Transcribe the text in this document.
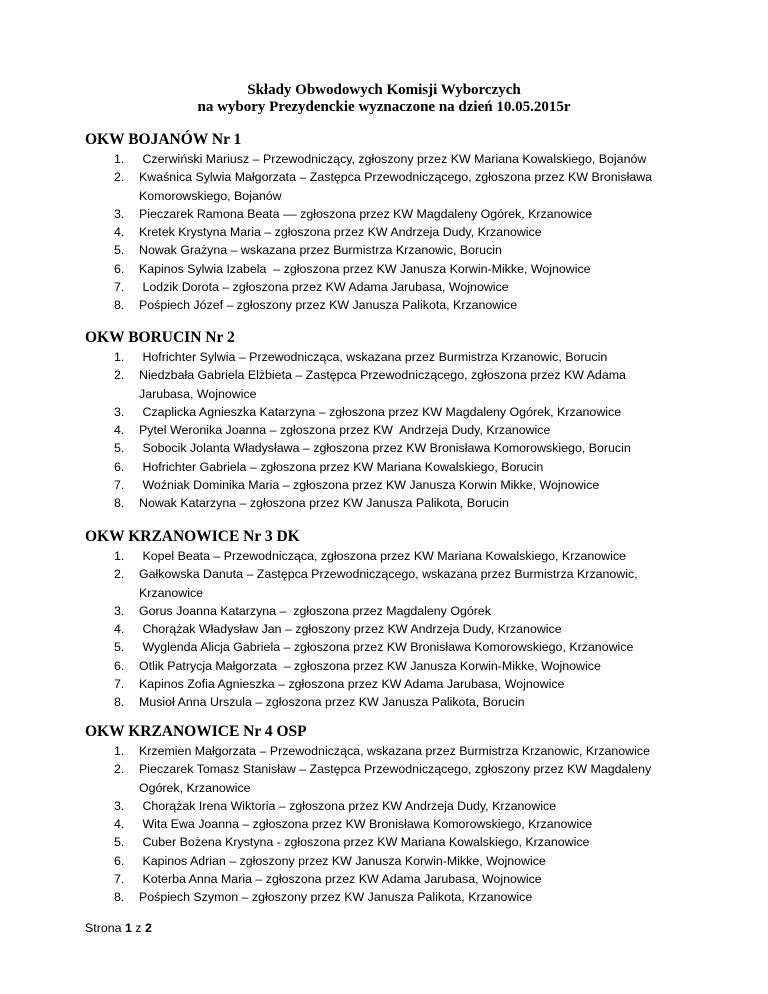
Składy Obwodowych Komisji Wyborczych
na wybory Prezydenckie wyznaczone na dzień 10.05.2015r
OKW BOJANÓW Nr 1
1. Czerwiński Mariusz – Przewodniczący, zgłoszony przez KW Mariana Kowalskiego, Bojanów
2. Kwaśnica Sylwia Małgorzata – Zastępca Przewodniczącego, zgłoszona przez KW Bronisława
Komorowskiego, Bojanów
3. Pieczarek Ramona Beata –– zgłoszona przez KW Magdaleny Ogórek, Krzanowice
4. Kretek Krystyna Maria – zgłoszona przez KW Andrzeja Dudy, Krzanowice
5. Nowak Grażyna – wskazana przez Burmistrza Krzanowic, Borucin
6. Kapinos Sylwia Izabela  – zgłoszona przez KW Janusza Korwin-Mikke, Wojnowice
7. Lodzik Dorota – zgłoszona przez KW Adama Jarubasa, Wojnowice
8. Pośpiech Józef – zgłoszony przez KW Janusza Palikota, Krzanowice
OKW BORUCIN Nr 2
1. Hofrichter Sylwia – Przewodnicząca, wskazana przez Burmistrza Krzanowic, Borucin
2. Niedzbała Gabriela Elżbieta – Zastępca Przewodniczącego, zgłoszona przez KW Adama
Jarubasa, Wojnowice
3. Czaplicka Agnieszka Katarzyna – zgłoszona przez KW Magdaleny Ogórek, Krzanowice
4. Pytel Weronika Joanna – zgłoszona przez KW  Andrzeja Dudy, Krzanowice
5. Sobocik Jolanta Władysława – zgłoszona przez KW Bronisława Komorowskiego, Borucin
6. Hofrichter Gabriela – zgłoszona przez KW Mariana Kowalskiego, Borucin
7. Woźniak Dominika Maria – zgłoszona przez KW Janusza Korwin Mikke, Wojnowice
8. Nowak Katarzyna – zgłoszona przez KW Janusza Palikota, Borucin
OKW KRZANOWICE Nr 3 DK
1. Kopel Beata – Przewodnicząca, zgłoszona przez KW Mariana Kowalskiego, Krzanowice
2. Gałkowska Danuta – Zastępca Przewodniczącego, wskazana przez Burmistrza Krzanowic,
Krzanowice
3. Gorus Joanna Katarzyna –  zgłoszona przez Magdaleny Ogórek
4. Chorążak Władysław Jan – zgłoszony przez KW Andrzeja Dudy, Krzanowice
5. Wyglenda Alicja Gabriela – zgłoszona przez KW Bronisława Komorowskiego, Krzanowice
6. Otlik Patrycja Małgorzata  – zgłoszona przez KW Janusza Korwin-Mikke, Wojnowice
7. Kapinos Zofia Agnieszka – zgłoszona przez KW Adama Jarubasa, Wojnowice
8. Musioł Anna Urszula – zgłoszona przez KW Janusza Palikota, Borucin
OKW KRZANOWICE Nr 4 OSP
1. Krzemien Małgorzata – Przewodnicząca, wskazana przez Burmistrza Krzanowic, Krzanowice
2. Pieczarek Tomasz Stanisław – Zastępca Przewodniczącego, zgłoszony przez KW Magdaleny
Ogórek, Krzanowice
3. Chorążak Irena Wiktoria – zgłoszona przez KW Andrzeja Dudy, Krzanowice
4. Wita Ewa Joanna – zgłoszona przez KW Bronisława Komorowskiego, Krzanowice
5. Cuber Bożena Krystyna - zgłoszona przez KW Mariana Kowalskiego, Krzanowice
6. Kapinos Adrian – zgłoszony przez KW Janusza Korwin-Mikke, Wojnowice
7. Koterba Anna Maria – zgłoszona przez KW Adama Jarubasa, Wojnowice
8. Pośpiech Szymon – zgłoszony przez KW Janusza Palikota, Krzanowice
Strona 1 z 2
